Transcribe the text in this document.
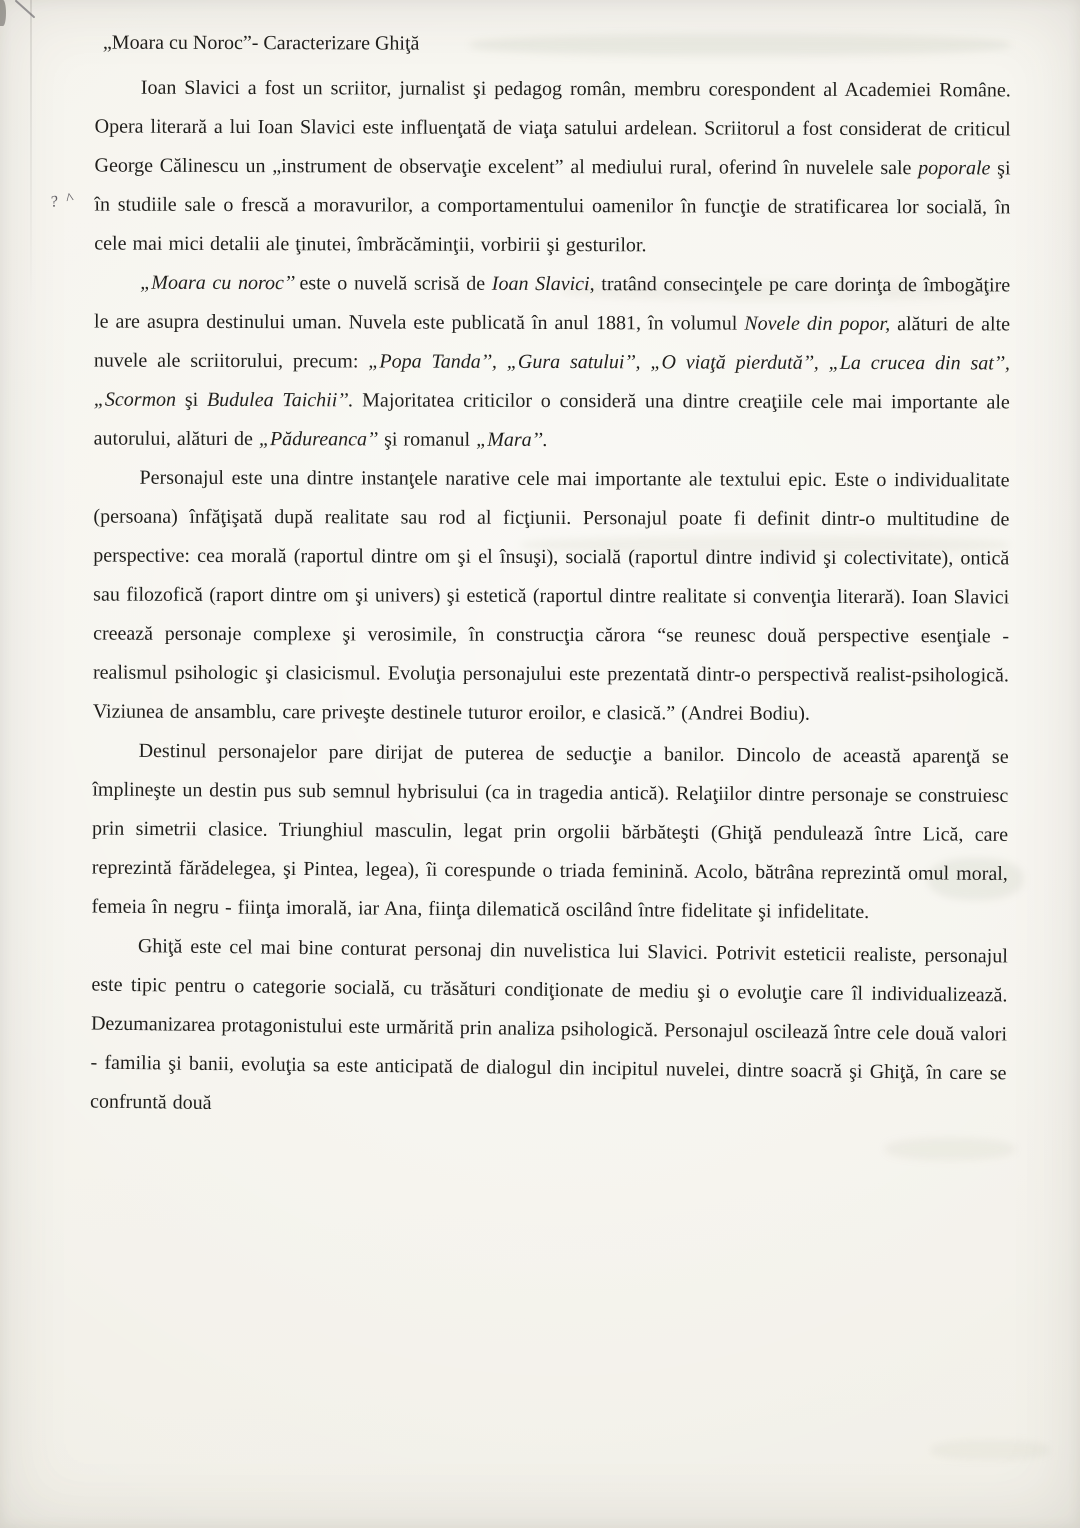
? ^
„Moara cu Noroc”- Caracterizare Ghiţă

Ioan Slavici a fost un scriitor, jurnalist şi pedagog român, membru corespondent al Academiei Române. Opera literară a lui Ioan Slavici este influenţată de viaţa satului ardelean. Scriitorul a fost considerat de criticul George Călinescu un „instrument de observaţie excelent” al mediului rural, oferind în nuvelele sale poporale şi în studiile sale o frescă a moravurilor, a comportamentului oamenilor în funcţie de stratificarea lor socială, în cele mai mici detalii ale ţinutei, îmbrăcăminţii, vorbirii şi gesturilor.

„Moara cu noroc’’ este o nuvelă scrisă de Ioan Slavici, tratând consecinţele pe care dorinţa de îmbogăţire le are asupra destinului uman. Nuvela este publicată în anul 1881, în volumul Novele din popor, alături de alte nuvele ale scriitorului, precum: „Popa Tanda’’, „Gura satului’’, „O viaţă pierdută’’, „La crucea din sat’’, „Scormon şi Budulea Taichii’’. Majoritatea criticilor o consideră una dintre creaţiile cele mai importante ale autorului, alături de „Pădureanca’’ şi romanul „Mara’’.

Personajul este una dintre instanţele narative cele mai importante ale textului epic. Este o individualitate (persoana) înfăţişată după realitate sau rod al ficţiunii. Personajul poate fi definit dintr-o multitudine de perspective: cea morală (raportul dintre om şi el însuşi), socială (raportul dintre individ şi colectivitate), ontică sau filozofică (raport dintre om şi univers) şi estetică (raportul dintre realitate si convenţia literară). Ioan Slavici creează personaje complexe şi verosimile, în construcţia cărora “se reunesc două perspective esenţiale - realismul psihologic şi clasicismul. Evoluţia personajului este prezentată dintr-o perspectivă realist-psihologică. Viziunea de ansamblu, care priveşte destinele tuturor eroilor, e clasică.” (Andrei Bodiu).

Destinul personajelor pare dirijat de puterea de seducţie a banilor. Dincolo de această aparenţă se împlineşte un destin pus sub semnul hybrisului (ca in tragedia antică). Relaţiilor dintre personaje se construiesc prin simetrii clasice. Triunghiul masculin, legat prin orgolii bărbăteşti (Ghiţă pendulează între Lică, care reprezintă fărădelegea, şi Pintea, legea), îi corespunde o triada feminină. Acolo, bătrâna reprezintă omul moral, femeia în negru - fiinţa imorală, iar Ana, fiinţa dilematică oscilând între fidelitate şi infidelitate.

Ghiţă este cel mai bine conturat personaj din nuvelistica lui Slavici. Potrivit esteticii realiste, personajul este tipic pentru o categorie socială, cu trăsături condiţionate de mediu şi o evoluţie care îl individualizează. Dezumanizarea protagonistului este urmărită prin analiza psihologică. Personajul oscilează între cele două valori - familia şi banii, evoluţia sa este anticipată de dialogul din incipitul nuvelei, dintre soacră şi Ghiţă, în care se confruntă două
